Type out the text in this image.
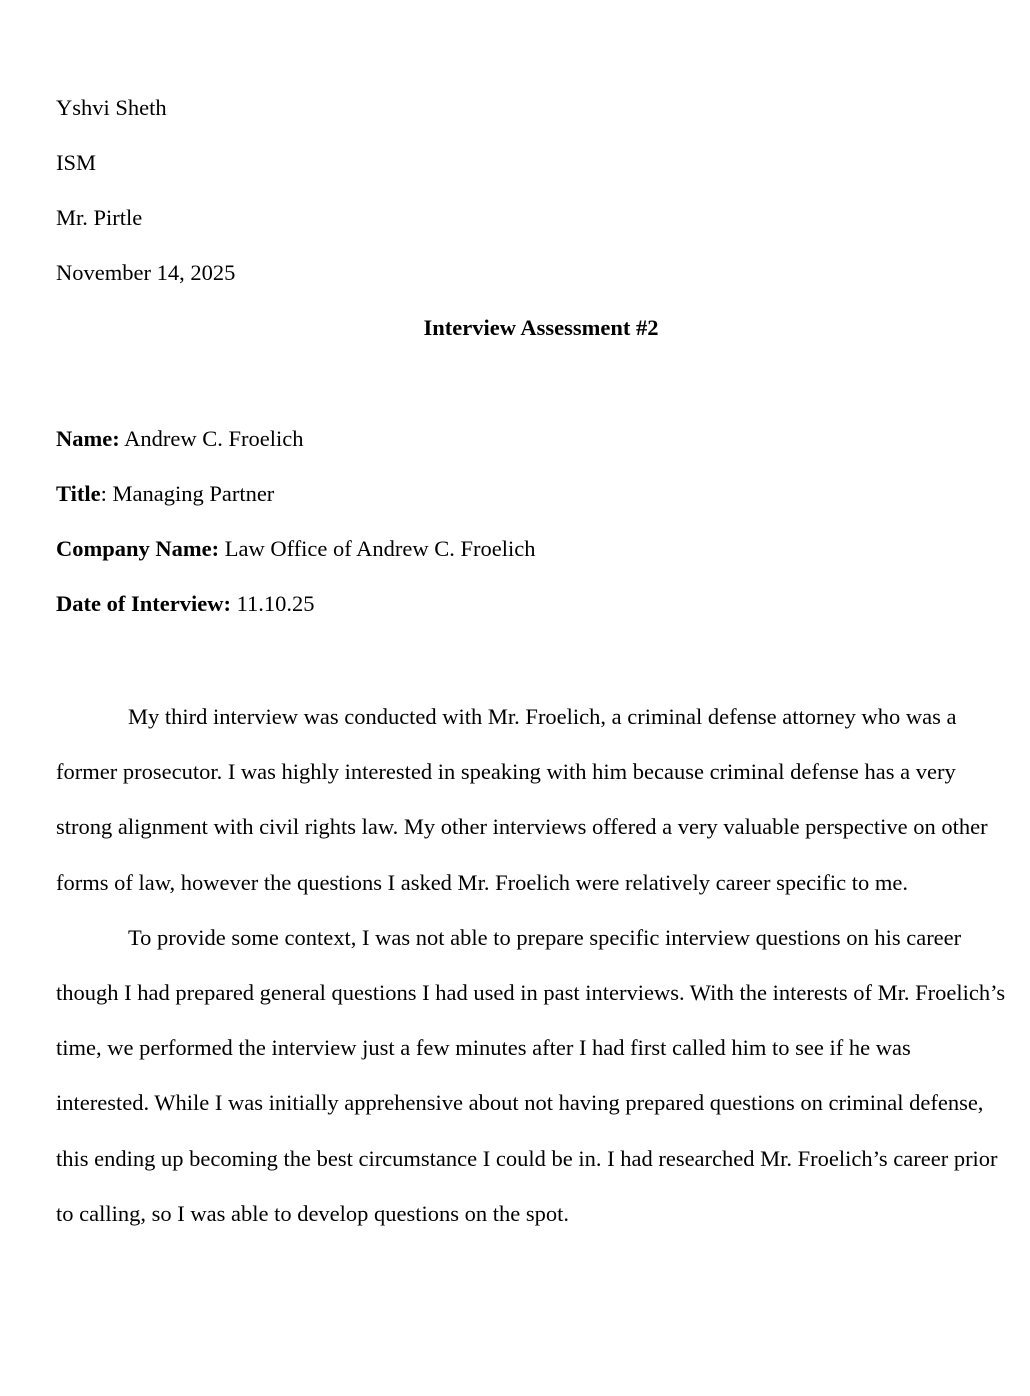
Yshvi Sheth
ISM
Mr. Pirtle
November 14, 2025
Interview Assessment #2
Name: Andrew C. Froelich
Title: Managing Partner
Company Name: Law Office of Andrew C. Froelich
Date of Interview: 11.10.25

My third interview was conducted with Mr. Froelich, a criminal defense attorney who was a former prosecutor. I was highly interested in speaking with him because criminal defense has a very strong alignment with civil rights law. My other interviews offered a very valuable perspective on other forms of law, however the questions I asked Mr. Froelich were relatively career specific to me.

To provide some context, I was not able to prepare specific interview questions on his career though I had prepared general questions I had used in past interviews. With the interests of Mr. Froelich’s time, we performed the interview just a few minutes after I had first called him to see if he was interested. While I was initially apprehensive about not having prepared questions on criminal defense, this ending up becoming the best circumstance I could be in. I had researched Mr. Froelich’s career prior to calling, so I was able to develop questions on the spot.
